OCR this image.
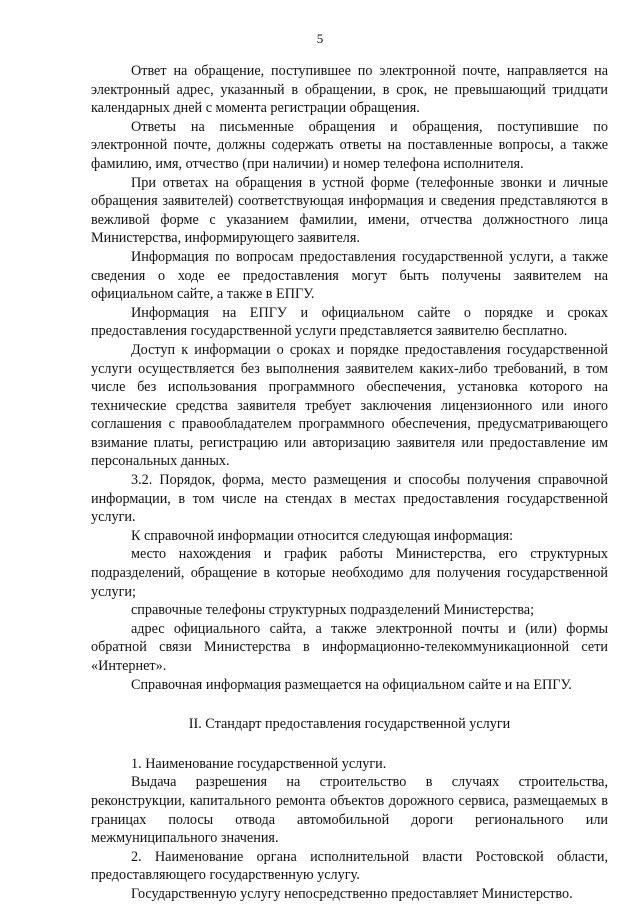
5

Ответ на обращение, поступившее по электронной почте, направляется на электронный адрес, указанный в обращении, в срок, не превышающий тридцати календарных дней с момента регистрации обращения.

Ответы на письменные обращения и обращения, поступившие по электронной почте, должны содержать ответы на поставленные вопросы, а также фамилию, имя, отчество (при наличии) и номер телефона исполнителя.

При ответах на обращения в устной форме (телефонные звонки и личные обращения заявителей) соответствующая информация и сведения представляются в вежливой форме с указанием фамилии, имени, отчества должностного лица Министерства, информирующего заявителя.

Информация по вопросам предоставления государственной услуги, а также сведения о ходе ее предоставления могут быть получены заявителем на официальном сайте, а также в ЕПГУ.

Информация на ЕПГУ и официальном сайте о порядке и сроках предоставления государственной услуги представляется заявителю бесплатно.

Доступ к информации о сроках и порядке предоставления государственной услуги осуществляется без выполнения заявителем каких-либо требований, в том числе без использования программного обеспечения, установка которого на технические средства заявителя требует заключения лицензионного или иного соглашения с правообладателем программного обеспечения, предусматривающего взимание платы, регистрацию или авторизацию заявителя или предоставление им персональных данных.

3.2. Порядок, форма, место размещения и способы получения справочной информации, в том числе на стендах в местах предоставления государственной услуги.

К справочной информации относится следующая информация:

место нахождения и график работы Министерства, его структурных подразделений, обращение в которые необходимо для получения государственной услуги;

справочные телефоны структурных подразделений Министерства;

адрес официального сайта, а также электронной почты и (или) формы обратной связи Министерства в информационно-телекоммуникационной сети «Интернет».

Справочная информация размещается на официальном сайте и на ЕПГУ.

II. Стандарт предоставления государственной услуги

1. Наименование государственной услуги.

Выдача разрешения на строительство в случаях строительства, реконструкции, капитального ремонта объектов дорожного сервиса, размещаемых в границах полосы отвода автомобильной дороги регионального или межмуниципального значения.

2. Наименование органа исполнительной власти Ростовской области, предоставляющего государственную услугу.

Государственную услугу непосредственно предоставляет Министерство.
